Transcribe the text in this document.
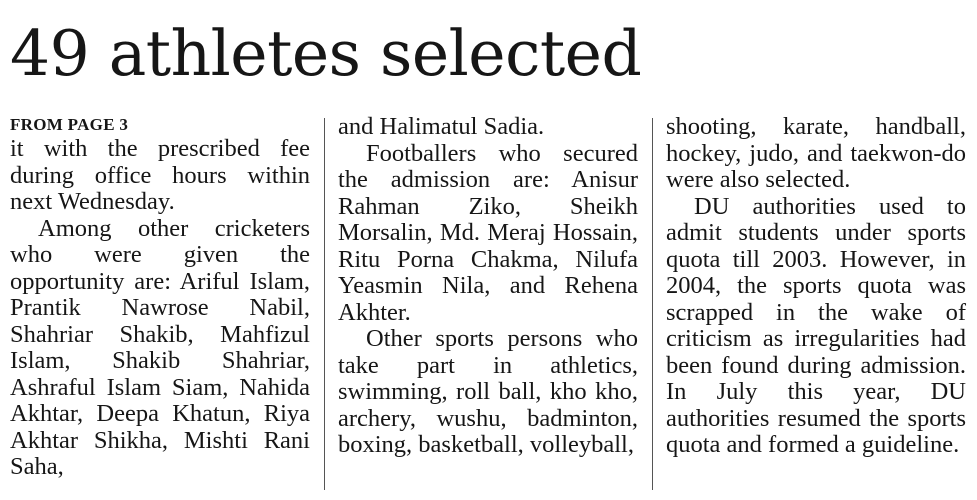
49 athletes selected
FROM PAGE 3

it with the prescribed fee during office hours within next Wednesday.

Among other cricketers who were given the opportunity are: Ariful Islam, Prantik Nawrose Nabil, Shahriar Shakib, Mahfizul Islam, Shakib Shahriar, Ashraful Islam Siam, Nahida Akhtar, Deepa Khatun, Riya Akhtar Shikha, Mishti Rani Saha,

and Halimatul Sadia.

Footballers who secured the admission are: Anisur Rahman Ziko, Sheikh Morsalin, Md. Meraj Hossain, Ritu Porna Chakma, Nilufa Yeasmin Nila, and Rehena Akhter.

Other sports persons who take part in athletics, swimming, roll ball, kho kho, archery, wushu, badminton, boxing, basketball, volleyball,

shooting, karate, handball, hockey, judo, and taekwon-do were also selected.

DU authorities used to admit students under sports quota till 2003. However, in 2004, the sports quota was scrapped in the wake of criticism as irregularities had been found during admission. In July this year, DU authorities resumed the sports quota and formed a guideline.
